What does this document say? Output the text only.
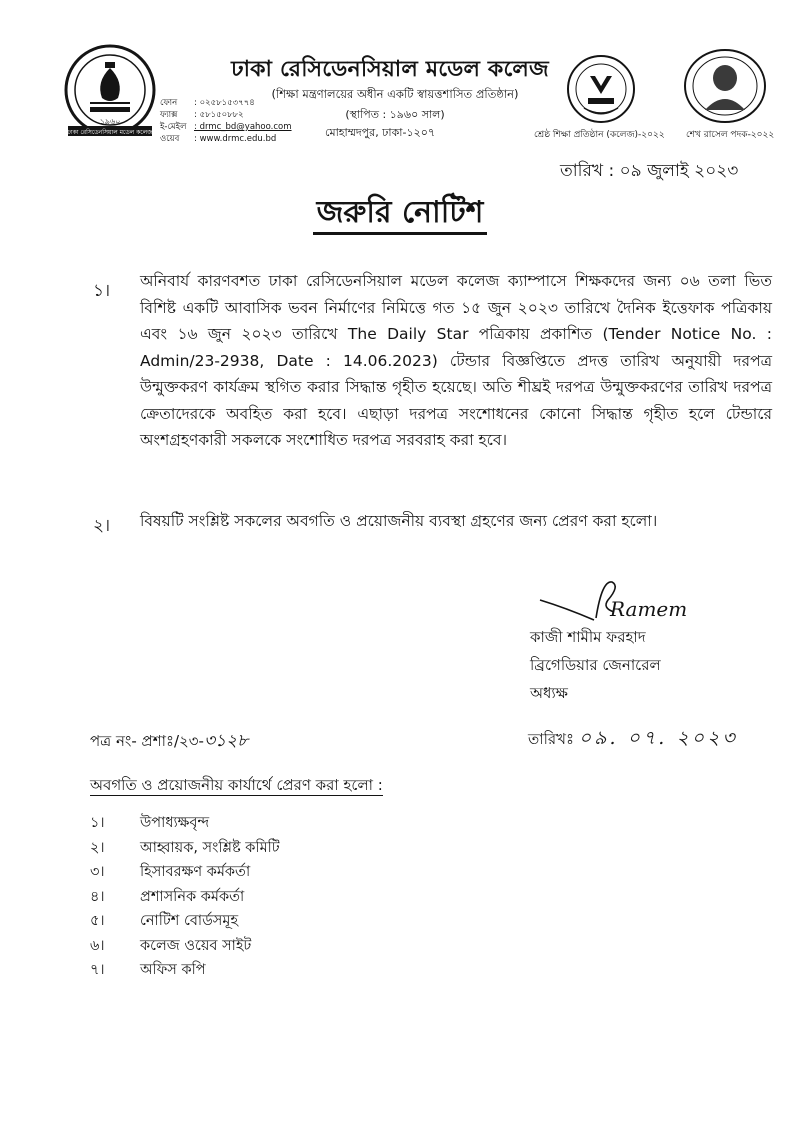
১৯৬০
ঢাকা রেসিডেনসিয়াল মডেল কলেজ
ফোন : ০২৫৮১৫৩৭৭৪
ফ্যাক্স : ৫৮১৫০৮৮২
ই-মেইল : drmc_bd@yahoo.com
ওয়েব : www.drmc.edu.bd
ঢাকা রেসিডেনসিয়াল মডেল কলেজ
(শিক্ষা মন্ত্রণালয়ের অধীন একটি স্বায়ত্তশাসিত প্রতিষ্ঠান)
(স্থাপিত : ১৯৬০ সাল)
মোহাম্মদপুর, ঢাকা-১২০৭	শ্রেষ্ঠ শিক্ষা প্রতিষ্ঠান (কলেজ)-২০২২ শেখ রাসেল পদক-২০২২
তারিখ : ০৯ জুলাই ২০২৩
জরুরি নোটিশ
১। অনিবার্য কারণবশত ঢাকা রেসিডেনসিয়াল মডেল কলেজ ক্যাম্পাসে শিক্ষকদের জন্য ০৬ তলা ভিত বিশিষ্ট একটি আবাসিক ভবন নির্মাণের নিমিত্তে গত ১৫ জুন ২০২৩ তারিখে দৈনিক ইত্তেফাক পত্রিকায় এবং ১৬ জুন ২০২৩ তারিখে The Daily Star পত্রিকায় প্রকাশিত (Tender Notice No. : Admin/23-2938, Date : 14.06.2023) টেন্ডার বিজ্ঞপ্তিতে প্রদত্ত তারিখ অনুযায়ী দরপত্র উন্মুক্তকরণ কার্যক্রম স্থগিত করার সিদ্ধান্ত গৃহীত হয়েছে। অতি শীঘ্রই দরপত্র উন্মুক্তকরণের তারিখ দরপত্র ক্রেতাদেরকে অবহিত করা হবে। এছাড়া দরপত্র সংশোধনের কোনো সিদ্ধান্ত গৃহীত হলে টেন্ডারে অংশগ্রহণকারী সকলকে সংশোধিত দরপত্র সরবরাহ করা হবে।
২। বিষয়টি সংশ্লিষ্ট সকলের অবগতি ও প্রয়োজনীয় ব্যবস্থা গ্রহণের জন্য প্রেরণ করা হলো।
Ramem
কাজী শামীম ফরহাদ
ব্রিগেডিয়ার জেনারেল
অধ্যক্ষ
পত্র নং- প্রশাঃ/২৩-৩১২৮	তারিখঃ ০৯. ০৭. ২০২৩
অবগতি ও প্রয়োজনীয় কার্যার্থে প্রেরণ করা হলো :
১। উপাধ্যক্ষবৃন্দ
২। আহ্বায়ক, সংশ্লিষ্ট কমিটি
৩। হিসাবরক্ষণ কর্মকর্তা
৪। প্রশাসনিক কর্মকর্তা
৫। নোটিশ বোর্ডসমূহ
৬। কলেজ ওয়েব সাইট
৭। অফিস কপি
